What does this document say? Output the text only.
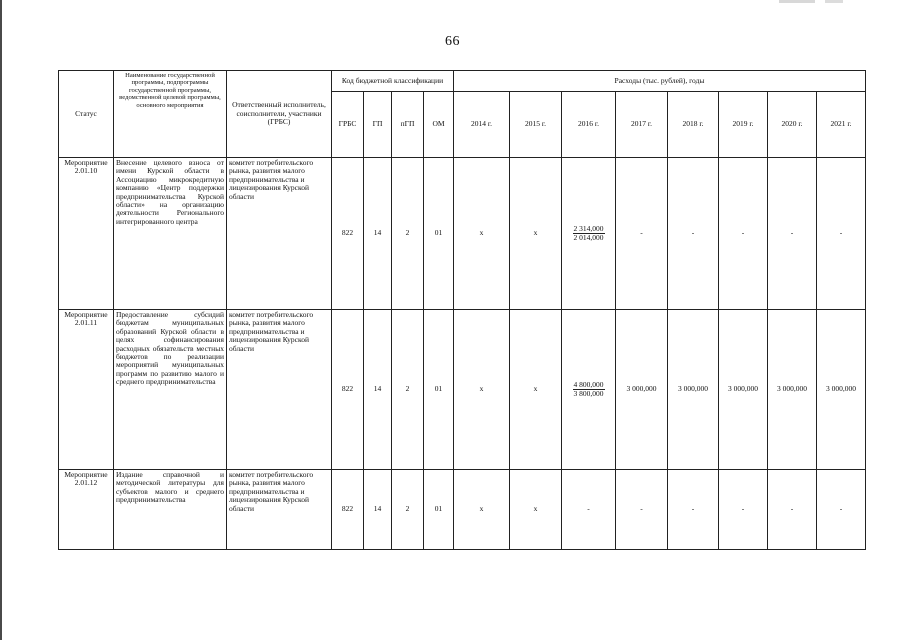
66
Статус	Наименование государственной программы, подпрограммы государственной программы, ведомственной целевой программы, основного мероприятия	Ответственный исполнитель, соисполнители, участники (ГРБС)	Код бюджетной классификации				Расходы (тыс. рублей), годы							
			ГРБС	ГП	пГП	ОМ	2014 г.	2015 г.	2016 г.	2017 г.	2018 г.	2019 г.	2020 г.	2021 г.
Мероприятие 2.01.10	Внесение целевого взноса от имени Курской области в Ассоциацию микрокредитную компанию «Центр поддержки предпринимательства Курской области» на организацию деятельности Регионального интегрированного центра	комитет потребительского рынка, развития малого предпринимательства и лицензирования Курской области	822	14	2	01	х	х	$\frac{2 314,000}{2 014,000}$	-	-	-	-	-
Мероприятие 2.01.11	Предоставление субсидий бюджетам муниципальных образований Курской области в целях софинансирования расходных обязательств местных бюджетов по реализации мероприятий муниципальных программ по развитию малого и среднего предпринимательства	комитет потребительского рынка, развития малого предпринимательства и лицензирования Курской области	822	14	2	01	х	х	$\frac{4 800,000}{3 800,000}$	3 000,000	3 000,000	3 000,000	3 000,000	3 000,000
Мероприятие 2.01.12	Издание справочной и методической литературы для субъектов малого и среднего предпринимательства	комитет потребительского рынка, развития малого предпринимательства и лицензирования Курской области	822	14	2	01	х	х	-	-	-	-	-	-
